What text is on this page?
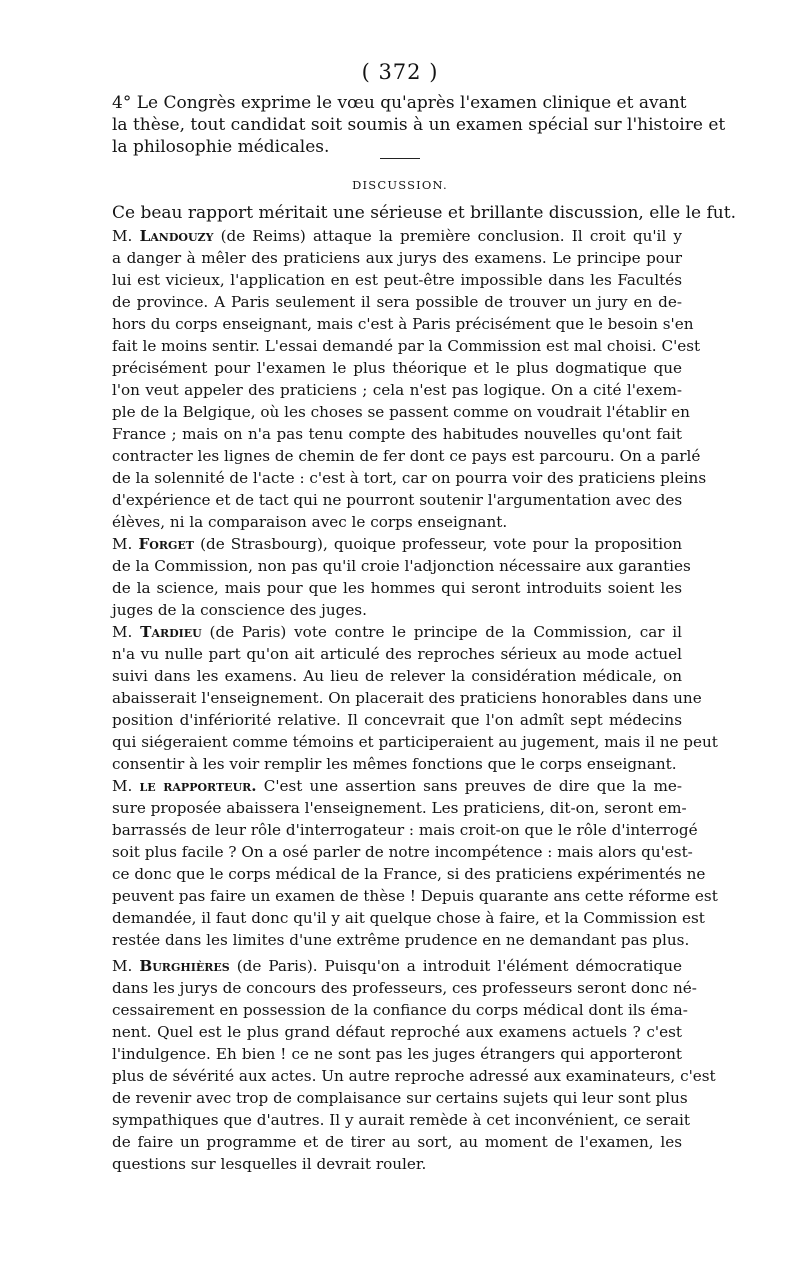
( 372 )
4° Le Congrès exprime le vœu qu'après l'examen clinique et avant
la thèse, tout candidat soit soumis à un examen spécial sur l'histoire et
la philosophie médicales.
DISCUSSION.
Ce beau rapport méritait une sérieuse et brillante discussion, elle le fut.
M. Landouzy (de Reims) attaque la première conclusion. Il croit qu'il y
a danger à mêler des praticiens aux jurys des examens. Le principe pour
lui est vicieux, l'application en est peut-être impossible dans les Facultés
de province. A Paris seulement il sera possible de trouver un jury en de-
hors du corps enseignant, mais c'est à Paris précisément que le besoin s'en
fait le moins sentir. L'essai demandé par la Commission est mal choisi. C'est
précisément pour l'examen le plus théorique et le plus dogmatique que
l'on veut appeler des praticiens ; cela n'est pas logique. On a cité l'exem-
ple de la Belgique, où les choses se passent comme on voudrait l'établir en
France ; mais on n'a pas tenu compte des habitudes nouvelles qu'ont fait
contracter les lignes de chemin de fer dont ce pays est parcouru. On a parlé
de la solennité de l'acte : c'est à tort, car on pourra voir des praticiens pleins
d'expérience et de tact qui ne pourront soutenir l'argumentation avec des
élèves, ni la comparaison avec le corps enseignant.
M. Forget (de Strasbourg), quoique professeur, vote pour la proposition
de la Commission, non pas qu'il croie l'adjonction nécessaire aux garanties
de la science, mais pour que les hommes qui seront introduits soient les
juges de la conscience des juges.
M. Tardieu (de Paris) vote contre le principe de la Commission, car il
n'a vu nulle part qu'on ait articulé des reproches sérieux au mode actuel
suivi dans les examens. Au lieu de relever la considération médicale, on
abaisserait l'enseignement. On placerait des praticiens honorables dans une
position d'infériorité relative. Il concevrait que l'on admît sept médecins
qui siégeraient comme témoins et participeraient au jugement, mais il ne peut
consentir à les voir remplir les mêmes fonctions que le corps enseignant.
M. le rapporteur. C'est une assertion sans preuves de dire que la me-
sure proposée abaissera l'enseignement. Les praticiens, dit-on, seront em-
barrassés de leur rôle d'interrogateur : mais croit-on que le rôle d'interrogé
soit plus facile ? On a osé parler de notre incompétence : mais alors qu'est-
ce donc que le corps médical de la France, si des praticiens expérimentés ne
peuvent pas faire un examen de thèse ! Depuis quarante ans cette réforme est
demandée, il faut donc qu'il y ait quelque chose à faire, et la Commission est
restée dans les limites d'une extrême prudence en ne demandant pas plus.
M. Burghières (de Paris). Puisqu'on a introduit l'élément démocratique
dans les jurys de concours des professeurs, ces professeurs seront donc né-
cessairement en possession de la confiance du corps médical dont ils éma-
nent. Quel est le plus grand défaut reproché aux examens actuels ? c'est
l'indulgence. Eh bien ! ce ne sont pas les juges étrangers qui apporteront
plus de sévérité aux actes. Un autre reproche adressé aux examinateurs, c'est
de revenir avec trop de complaisance sur certains sujets qui leur sont plus
sympathiques que d'autres. Il y aurait remède à cet inconvénient, ce serait
de faire un programme et de tirer au sort, au moment de l'examen, les
questions sur lesquelles il devrait rouler.
